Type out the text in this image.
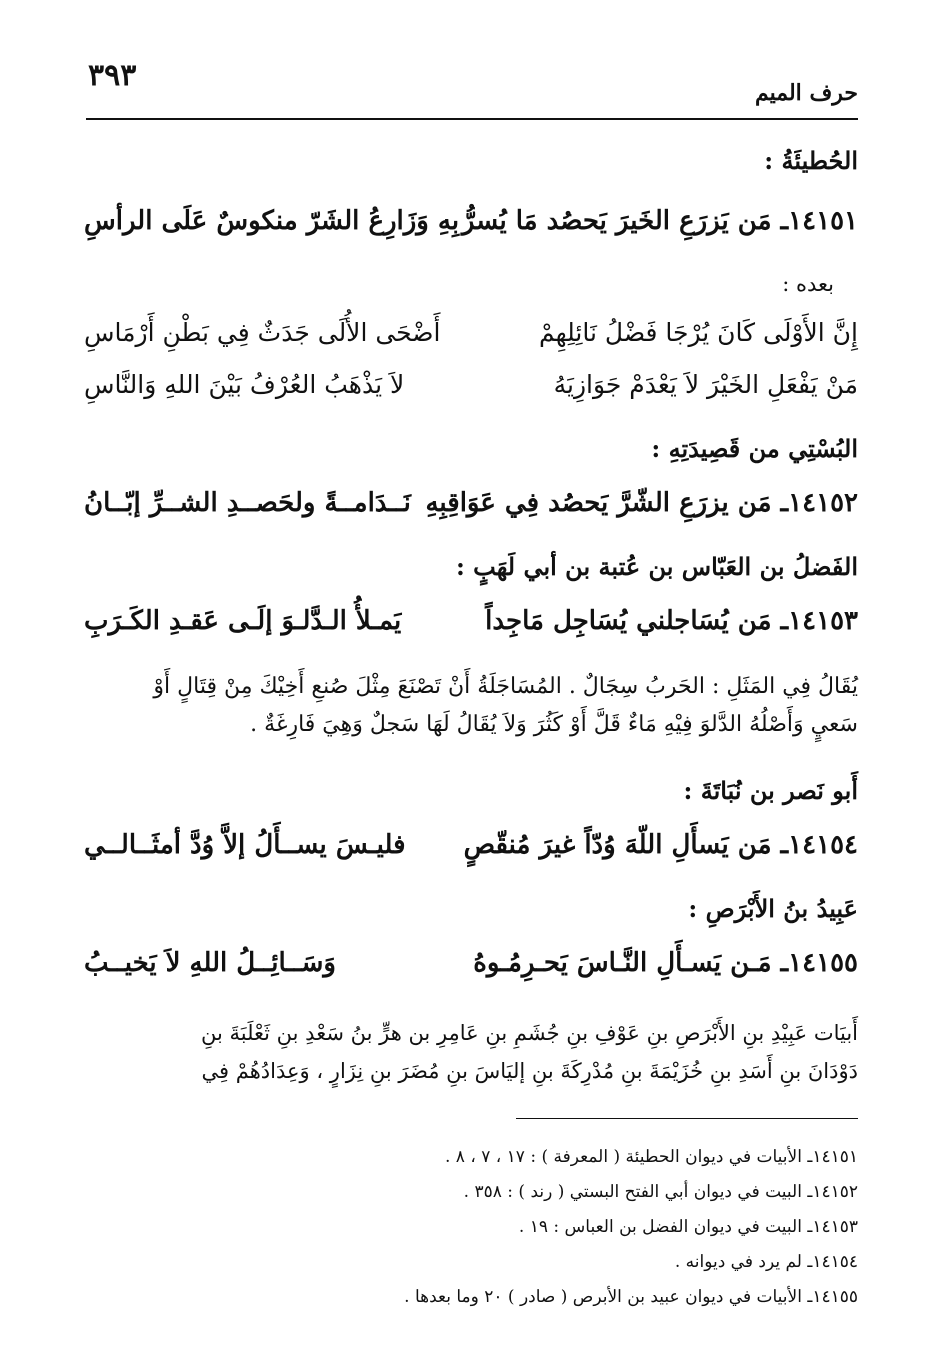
٣٩٣	حرف الميم

الحُطيئَةُ :

١٤١٥١ـ مَن يَزرَعِ الخَيرَ يَحصُد مَا يُسرُّ
بِهِ وَزَارِعُ الشَرّ منكوسٌ عَلَى الرأسِ

بعده :

إِنَّ الأَوْلَى كَانَ يُرْجَا فَضْلُ نَائِلِهِمْ
أَضْحَى الأُلَى جَدَثٌ فِي بَطْنِ أَرْمَاسِ
مَنْ يَفْعَلِ الخَيْرَ لاَ يَعْدَمْ جَوَازِيَهُ
لاَ يَذْهَبُ العُرْفُ بَيْنَ اللهِ وَالنَّاسِ

البُسْتِي من قَصِيدَتِهِ :

١٤١٥٢ـ مَن يزرَعِ الشّرَّ يَحصُد فِي عَوَاقِبِهِ
نَــدَامــةً ولحَصــدِ الشــرِّ إبّــانُ

الفَضلُ بن العَبّاس بن عُتبة بن أبي لَهَبٍ :

١٤١٥٣ـ مَن يُسَاجلني يُسَاجِل مَاجِداً
يَمـلأُ الـدَّلـوَ إلَـى عَقـدِ الكَـرَبِ

يُقَالُ فِي المَثَلِ : الحَربُ سِجَالٌ . المُسَاجَلَةُ أَنْ تَصْنَعَ مِثْلَ صُنعِ أَخِيْكَ مِنْ قِتَالٍ أَوْ
سَعيٍ وَأَصْلُهُ الدَّلوَ فِيْهِ مَاءٌ قَلَّ أَوْ كَثُرَ وَلاَ يُقَالُ لَهَا سَجلٌ وَهِيَ فَارِغَةٌ .

أَبو نَصر بن نُبَاتَةَ :

١٤١٥٤ـ مَن يَسأَلِ اللّهَ وُدّاً غيرَ مُنقّصٍ
فليـسَ يســأَلُ إلاَّ وُدَّ أمثَــالــي

عَبِيدُ بنُ الأَبْرَصِ :

١٤١٥٥ـ مَـن يَسـأَلِ النَّـاسَ يَحـرِمُـوهُ
وَسَــائِــلُ اللهِ لاَ يَخيــبُ

أَبيَات عَبِيْدِ بنِ الأَبْرَصِ بنِ عَوْفِ بنِ جُشَمِ بنِ عَامِرِ بن هرٍّ بنُ سَعْدِ بنِ ثَعْلَبَةَ بنِ
دَوْدَانَ بنِ أَسَدِ بنِ خُزَيْمَةَ بنِ مُدْرِكَةَ بنِ إليَاسَ بنِ مُضَرَ بنِ نِزَارٍ ، وَعِدَادُهُمْ فِي

١٤١٥١ـ الأبيات في ديوان الحطيئة ( المعرفة ) : ١٧ ، ٧ ، ٨ .
١٤١٥٢ـ البيت في ديوان أبي الفتح البستي ( رند ) : ٣٥٨ .
١٤١٥٣ـ البيت في ديوان الفضل بن العباس : ١٩ .
١٤١٥٤ـ لم يرد في ديوانه .
١٤١٥٥ـ الأبيات في ديوان عبيد بن الأبرص ( صادر ) ٢٠ وما بعدها .
